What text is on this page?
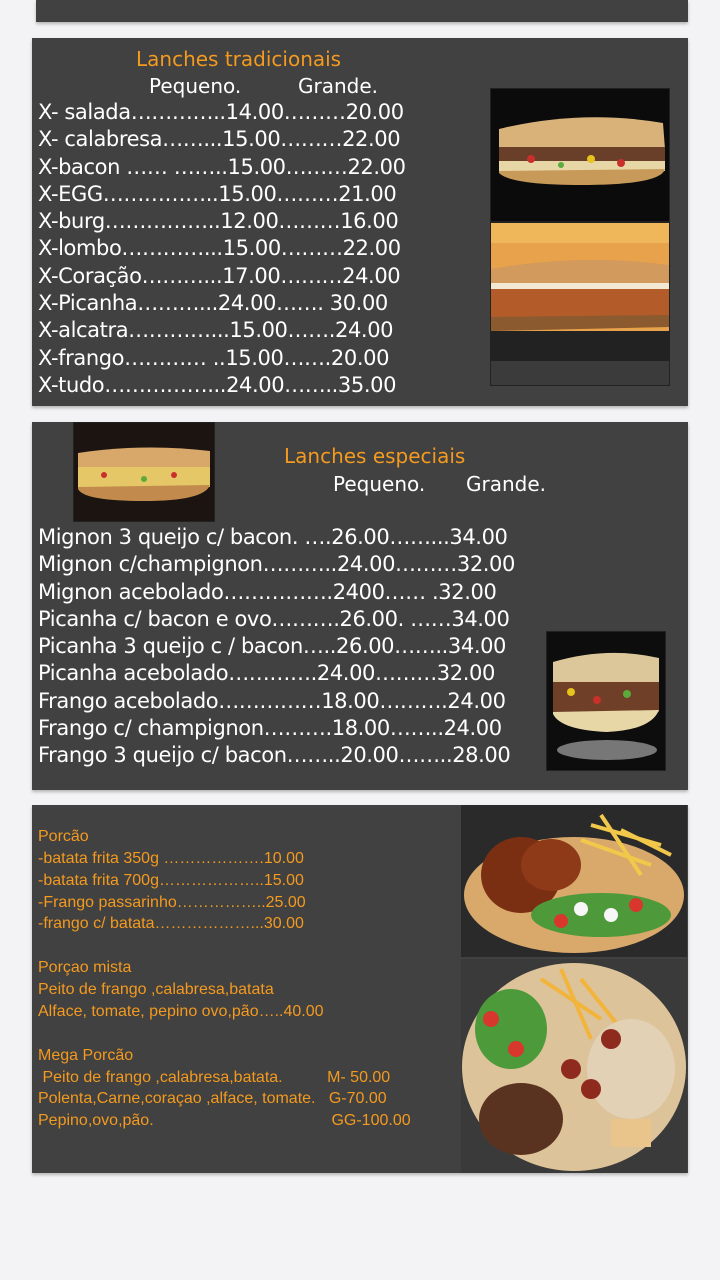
Lanches tradicionais
Pequeno.	Grande.
X- salada…………..14.00………20.00
X- calabresa……...15.00………22.00
X-bacon …… ……..15.00………22.00
X-EGG……………..15.00………21.00
X-burg……………..12.00………16.00
X-lombo…………...15.00………22.00
X-Coração………...17.00………24.00
X-Picanha………...24.00……. 30.00
X-alcatra…………...15.00…….24.00
X-frango………… ..15.00…….20.00
X-tudo……………...24.00……..35.00
Lanches especiais
Pequeno. Grande.
Mignon 3 queijo c/ bacon. ….26.00……...34.00
Mignon c/champignon………..24.00………32.00
Mignon acebolado…………….2400…… .32.00
Picanha c/ bacon e ovo……….26.00. ……34.00
Picanha 3 queijo c / bacon…..26.00……..34.00
Picanha acebolado………….24.00………32.00
Frango acebolado……………18.00……….24.00
Frango c/ champignon……….18.00……..24.00
Frango 3 queijo c/ bacon……..20.00……..28.00
Porcão
-batata frita 350g ……………….10.00
-batata frita 700g………………..15.00
-Frango passarinho……………..25.00
-frango c/ batata………………...30.00
Porçao mista
Peito de frango ,calabresa,batata
Alface, tomate, pepino ovo,pão…..40.00
Mega Porcão
Peito de frango ,calabresa,batata.          M- 50.00
Polenta,Carne,coraçao ,alface, tomate.   G-70.00
Pepino,ovo,pão.                                        GG-100.00
